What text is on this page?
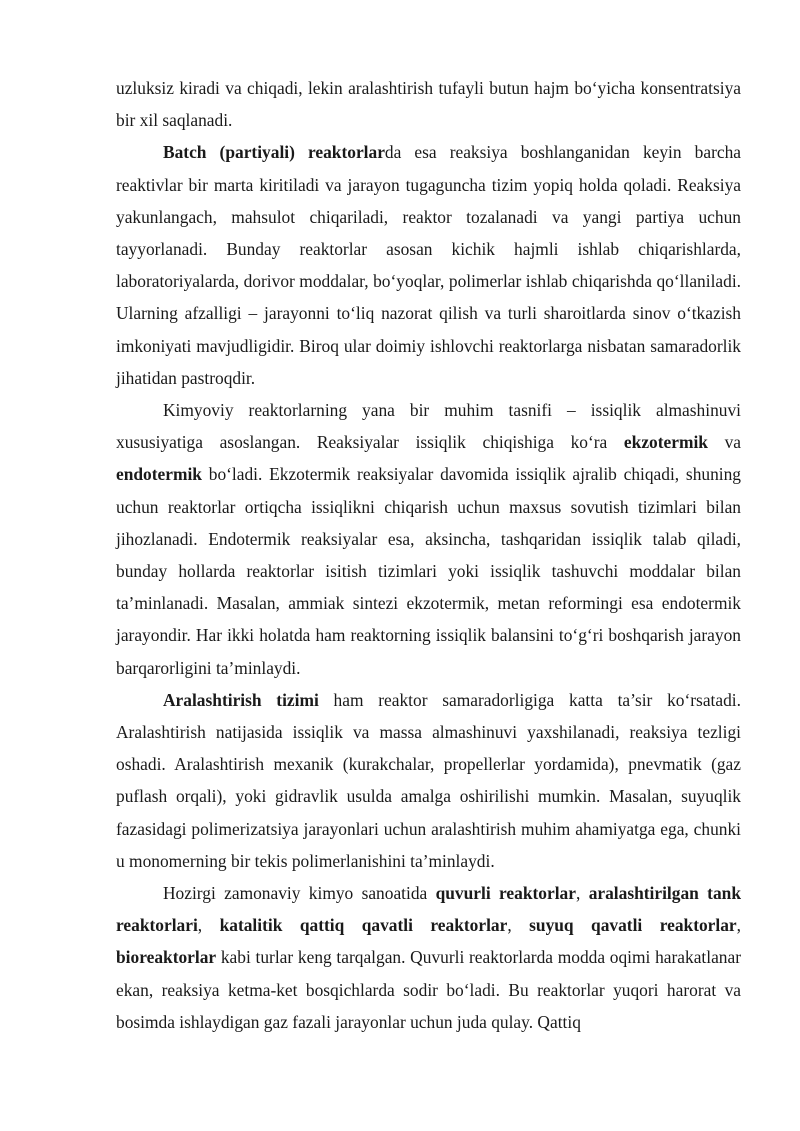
uzluksiz kiradi va chiqadi, lekin aralashtirish tufayli butun hajm bo‘yicha konsentratsiya bir xil saqlanadi.

Batch (partiyali) reaktorlarda esa reaksiya boshlanganidan keyin barcha reaktivlar bir marta kiritiladi va jarayon tugaguncha tizim yopiq holda qoladi. Reaksiya yakunlangach, mahsulot chiqariladi, reaktor tozalanadi va yangi partiya uchun tayyorlanadi. Bunday reaktorlar asosan kichik hajmli ishlab chiqarishlarda, laboratoriyalarda, dorivor moddalar, bo‘yoqlar, polimerlar ishlab chiqarishda qo‘llaniladi. Ularning afzalligi – jarayonni to‘liq nazorat qilish va turli sharoitlarda sinov o‘tkazish imkoniyati mavjudligidir. Biroq ular doimiy ishlovchi reaktorlarga nisbatan samaradorlik jihatidan pastroqdir.

Kimyoviy reaktorlarning yana bir muhim tasnifi – issiqlik almashinuvi xususiyatiga asoslangan. Reaksiyalar issiqlik chiqishiga ko‘ra ekzotermik va endotermik bo‘ladi. Ekzotermik reaksiyalar davomida issiqlik ajralib chiqadi, shuning uchun reaktorlar ortiqcha issiqlikni chiqarish uchun maxsus sovutish tizimlari bilan jihozlanadi. Endotermik reaksiyalar esa, aksincha, tashqaridan issiqlik talab qiladi, bunday hollarda reaktorlar isitish tizimlari yoki issiqlik tashuvchi moddalar bilan ta’minlanadi. Masalan, ammiak sintezi ekzotermik, metan reformingi esa endotermik jarayondir. Har ikki holatda ham reaktorning issiqlik balansini to‘g‘ri boshqarish jarayon barqarorligini ta’minlaydi.

Aralashtirish tizimi ham reaktor samaradorligiga katta ta’sir ko‘rsatadi. Aralashtirish natijasida issiqlik va massa almashinuvi yaxshilanadi, reaksiya tezligi oshadi. Aralashtirish mexanik (kurakchalar, propellerlar yordamida), pnevmatik (gaz puflash orqali), yoki gidravlik usulda amalga oshirilishi mumkin. Masalan, suyuqlik fazasidagi polimerizatsiya jarayonlari uchun aralashtirish muhim ahamiyatga ega, chunki u monomerning bir tekis polimerlanishini ta’minlaydi.

Hozirgi zamonaviy kimyo sanoatida quvurli reaktorlar, aralashtirilgan tank reaktorlari, katalitik qattiq qavatli reaktorlar, suyuq qavatli reaktorlar, bioreaktorlar kabi turlar keng tarqalgan. Quvurli reaktorlarda modda oqimi harakatlanar ekan, reaksiya ketma-ket bosqichlarda sodir bo‘ladi. Bu reaktorlar yuqori harorat va bosimda ishlaydigan gaz fazali jarayonlar uchun juda qulay. Qattiq
